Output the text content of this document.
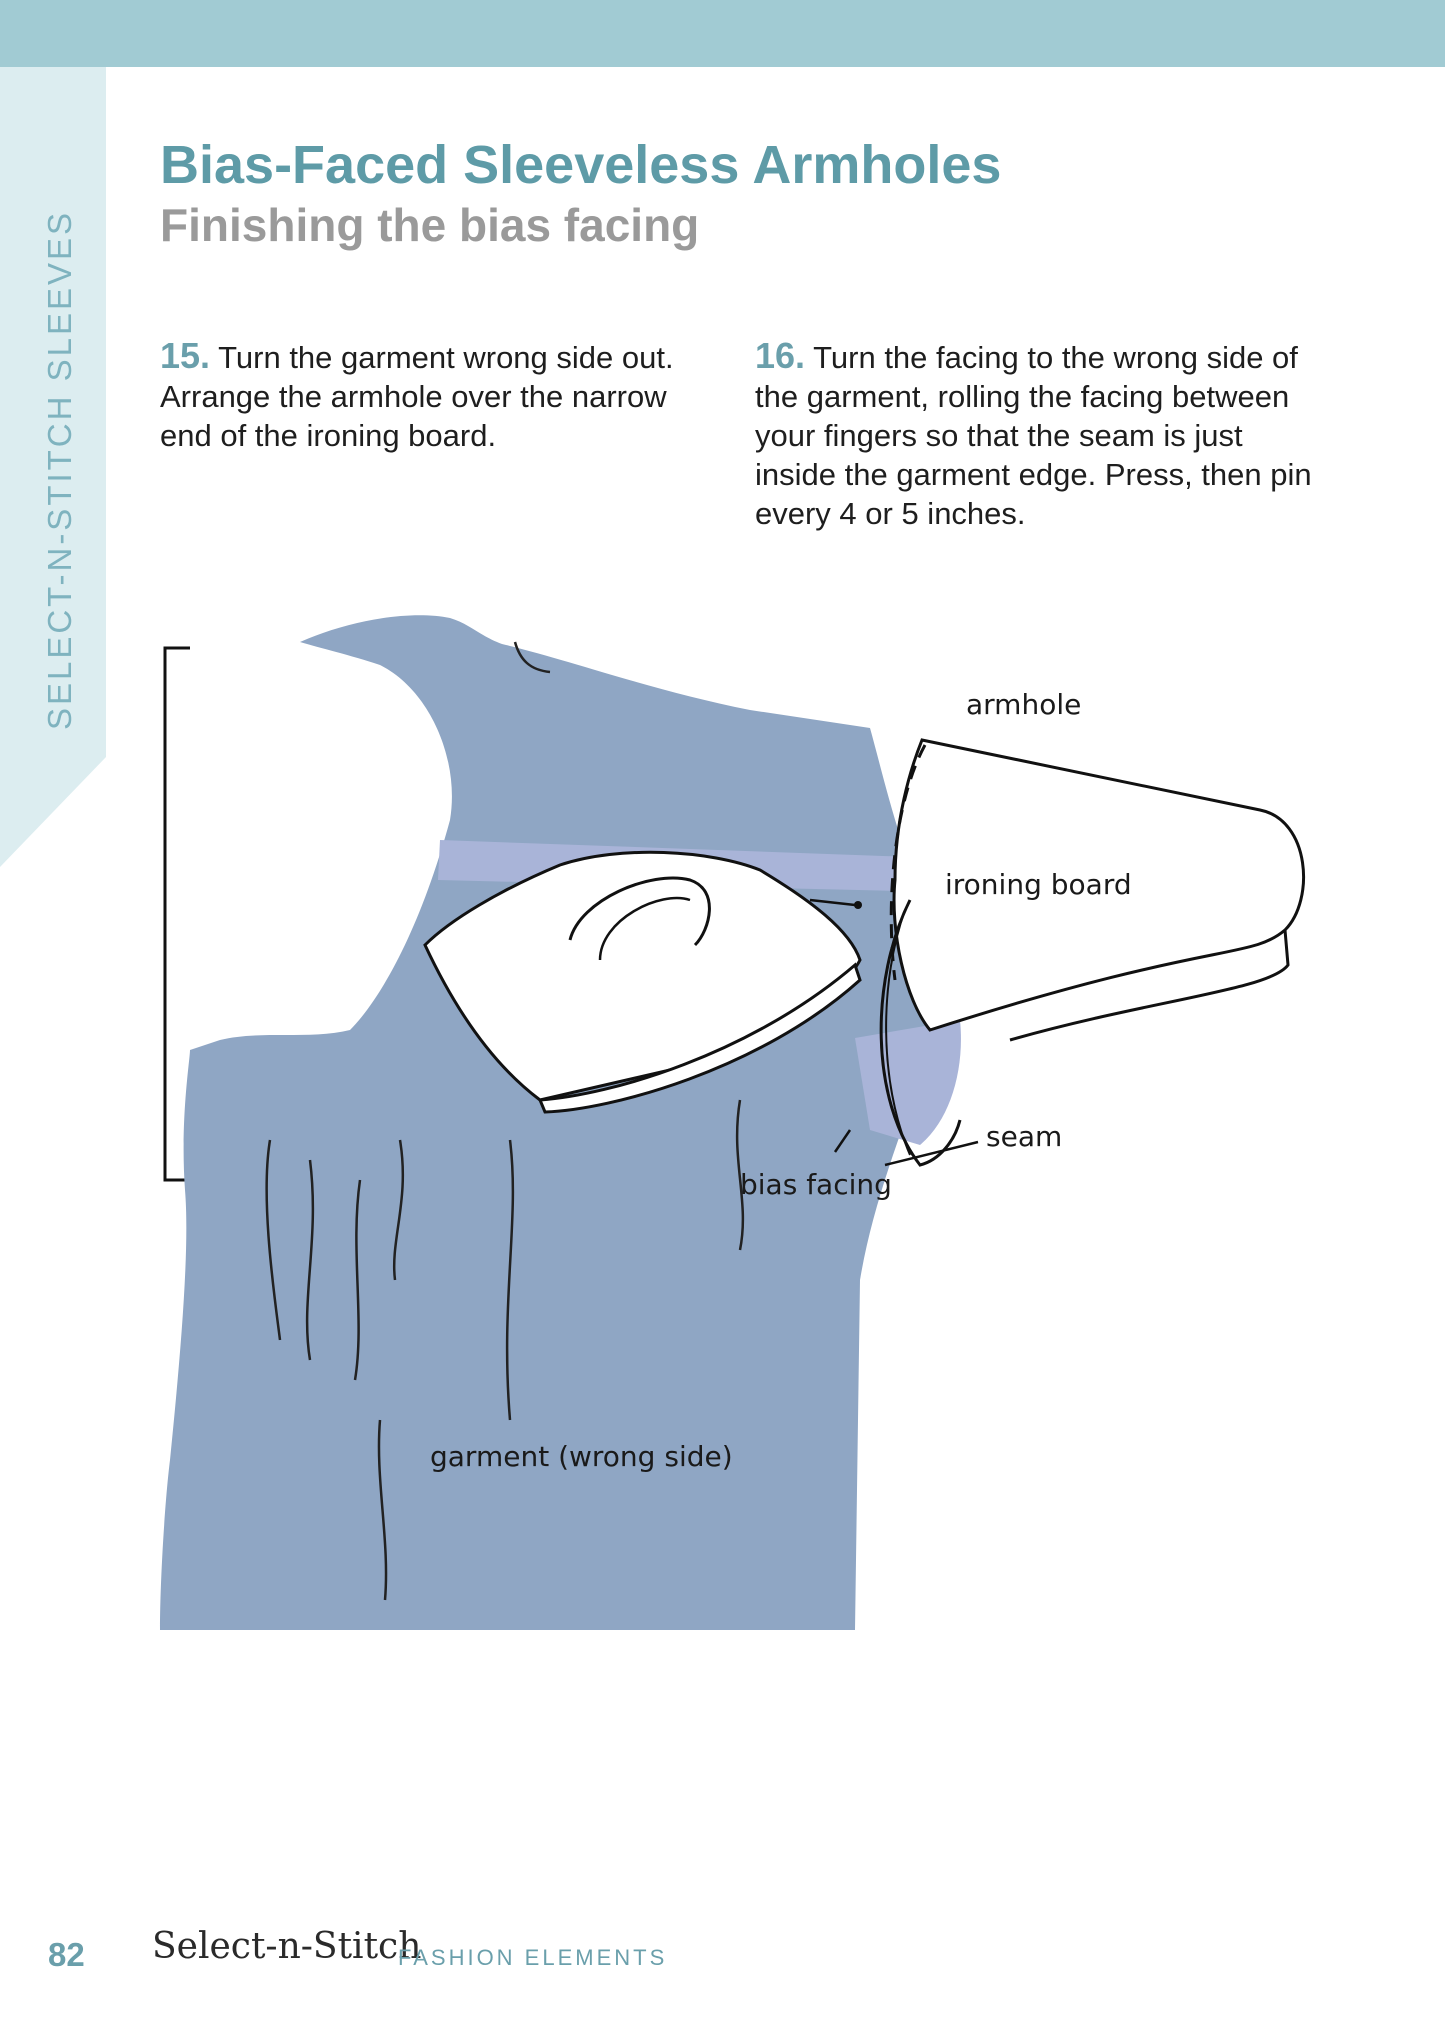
SELECT-N-STITCH SLEEVES
Bias-Faced Sleeveless Armholes
Finishing the bias facing

15. Turn the garment wrong side out. Arrange the armhole over the narrow end of the ironing board.

16. Turn the facing to the wrong side of the garment, rolling the facing between your fingers so that the seam is just inside the garment edge. Press, then pin every 4 or 5 inches.

armhole
ironing board
seam
bias facing
garment (wrong side)
82 Select-n-Stitch
FASHION ELEMENTS
